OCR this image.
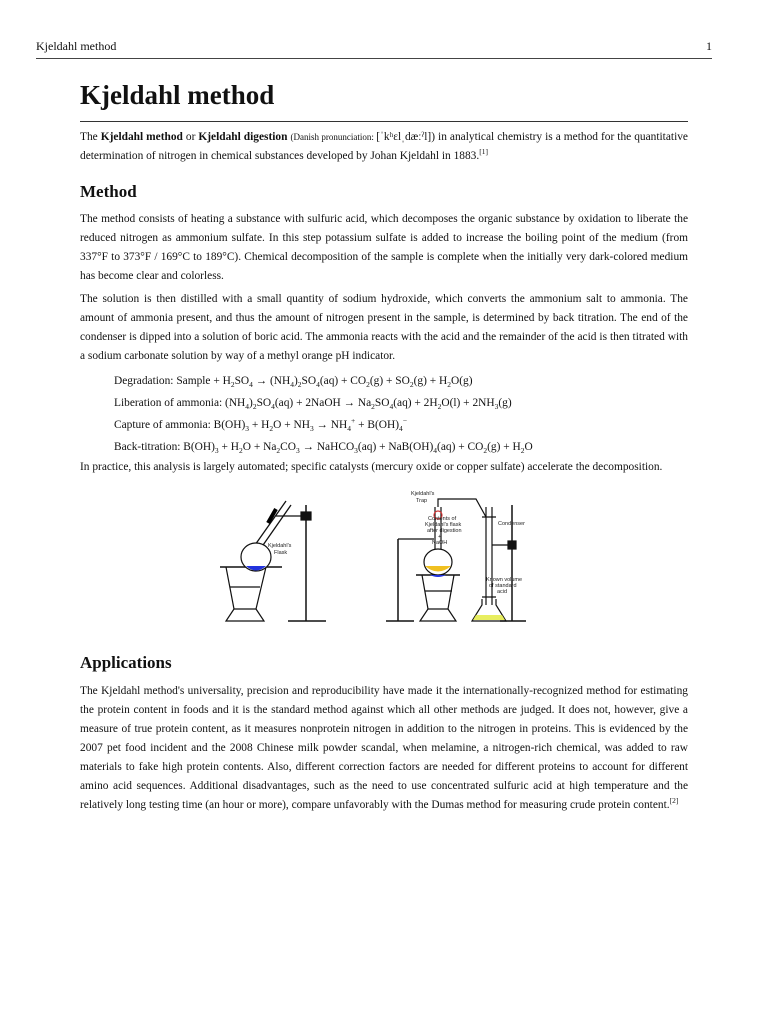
Kjeldahl method	1
Kjeldahl method

The Kjeldahl method or Kjeldahl digestion (Danish pronunciation: [ˈkʰɛlˌdæːˀl]) in analytical chemistry is a method for the quantitative determination of nitrogen in chemical substances developed by Johan Kjeldahl in 1883.[1]

Method

The method consists of heating a substance with sulfuric acid, which decomposes the organic substance by oxidation to liberate the reduced nitrogen as ammonium sulfate. In this step potassium sulfate is added to increase the boiling point of the medium (from 337°F to 373°F / 169°C to 189°C). Chemical decomposition of the sample is complete when the initially very dark-colored medium has become clear and colorless.

The solution is then distilled with a small quantity of sodium hydroxide, which converts the ammonium salt to ammonia. The amount of ammonia present, and thus the amount of nitrogen present in the sample, is determined by back titration. The end of the condenser is dipped into a solution of boric acid. The ammonia reacts with the acid and the remainder of the acid is then titrated with a sodium carbonate solution by way of a methyl orange pH indicator.

Degradation: Sample + $H_2SO_4 \to (NH_4)_2SO_4(aq) + CO_2(g) + SO_2(g) + H_2O(g)$
Liberation of ammonia: $(NH_4)_2SO_4(aq)$ + 2NaOH → $Na_2SO_4(aq) + 2H_2O(l) + 2NH_3(g)$
Capture of ammonia: $B(OH)_3 + H_2O + NH_3 \to NH_4^+ + B(OH)_4^-$
Back-titration: $B(OH)_3 + H_2O + Na_2CO_3$ → NaHCO$_3$(aq) + $NaB(OH)_4(aq) + CO_2(g) + H_2O$

In practice, this analysis is largely automated; specific catalysts (mercury oxide or copper sulfate) accelerate the decomposition.

Kjeldahl's
Flask
Kjeldahl's
Trap
Contents of
Kjeldahl's flask
after digestion
+
NaOH
Condenser
Known volume
of standard
acid
Applications

The Kjeldahl method's universality, precision and reproducibility have made it the internationally-recognized method for estimating the protein content in foods and it is the standard method against which all other methods are judged. It does not, however, give a measure of true protein content, as it measures nonprotein nitrogen in addition to the nitrogen in proteins. This is evidenced by the 2007 pet food incident and the 2008 Chinese milk powder scandal, when melamine, a nitrogen-rich chemical, was added to raw materials to fake high protein contents. Also, different correction factors are needed for different proteins to account for different amino acid sequences. Additional disadvantages, such as the need to use concentrated sulfuric acid at high temperature and the relatively long testing time (an hour or more), compare unfavorably with the Dumas method for measuring crude protein content.[2]
